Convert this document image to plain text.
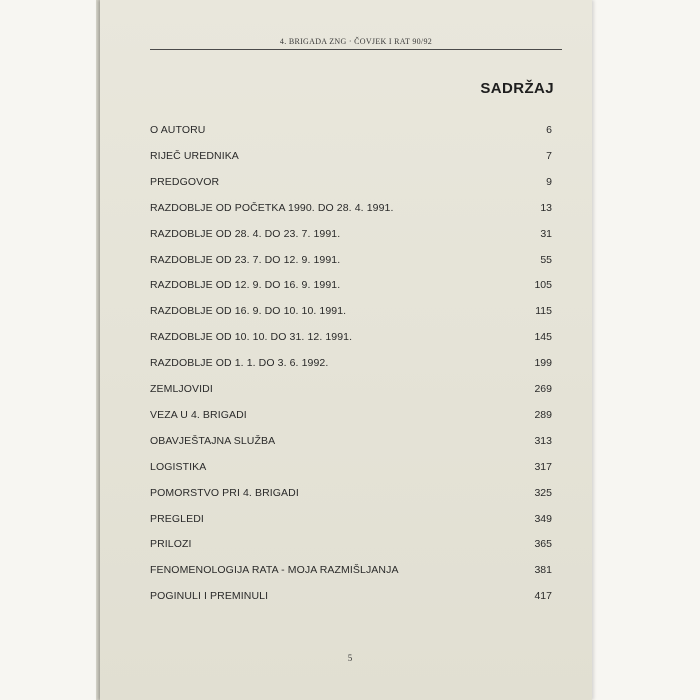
4. BRIGADA ZNG · ČOVJEK I RAT 90/92
SADRŽAJ
O AUTORU	6
RIJEČ UREDNIKA	7
PREDGOVOR	9
RAZDOBLJE OD POČETKA 1990. DO 28. 4. 1991.	13
RAZDOBLJE OD 28. 4. DO 23. 7. 1991.	31
RAZDOBLJE OD 23. 7. DO 12. 9. 1991.	55
RAZDOBLJE OD 12. 9. DO 16. 9. 1991.	105
RAZDOBLJE OD 16. 9. DO 10. 10. 1991.	115
RAZDOBLJE OD 10. 10. DO 31. 12. 1991.	145
RAZDOBLJE OD 1. 1. DO 3. 6. 1992.	199
ZEMLJOVIDI	269
VEZA U 4. BRIGADI	289
OBAVJEŠTAJNA SLUŽBA	313
LOGISTIKA	317
POMORSTVO PRI 4. BRIGADI	325
PREGLEDI	349
PRILOZI	365
FENOMENOLOGIJA RATA - MOJA RAZMIŠLJANJA	381
POGINULI I PREMINULI	417
5
